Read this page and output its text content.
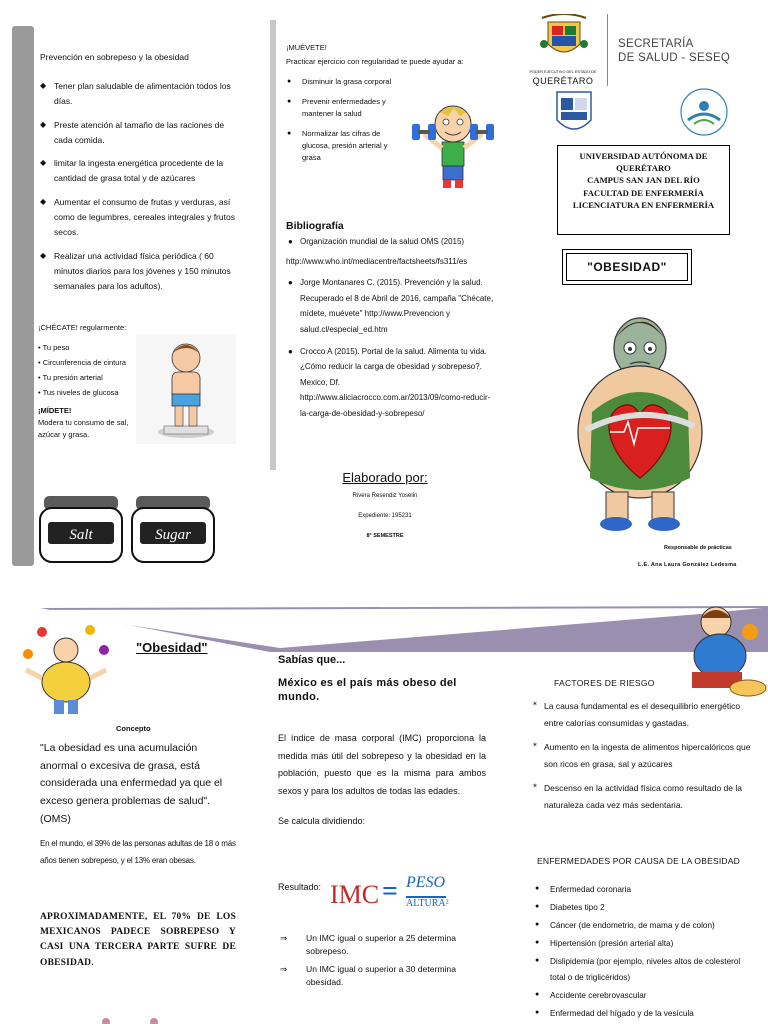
Prevención en sobrepeso y la obesidad
◆ Tener plan saludable de alimentación todos los días.
◆ Preste atención al tamaño de las raciones de cada comida.
◆ limitar la ingesta energética procedente de la cantidad de grasa total y de azúcares
◆ Aumentar el consumo de frutas y verduras, así como de legumbres, cereales integrales y frutos secos.
◆ Realizar una actividad física periódica ( 60 minutos diarios para los jóvenes y 150 minutos semanales para los adultos).
¡CHÉCATE! regularmente:
• Tu peso
• Circunferencia de cintura
• Tu presión arterial
• Tus niveles de glucosa
¡MÍDETE!
Modera tu consumo de sal, azúcar y grasa.
Salt	Sugar
¡MUÉVETE!
Practicar ejercicio con regularidad te puede ayudar a:
● Disminuir la grasa corporal
● Prevenir enfermedades y mantener la salud
● Normalizar las cifras de glucosa, presión arterial y grasa
Bibliografía
● Organización mundial de la salud OMS (2015)
http://www.who.int/mediacentre/factsheets/fs311/es
● Jorge Montanares C. (2015). Prevención y la salud. Recuperado el 8 de Abril de 2016, campaña "Chécate, mídete, muévete" http://www.Prevencion y salud.cl/especial_ed.htm
● Crocco A (2015). Portal de la salud. Alimenta tu vida. ¿Cómo reducir la carga de obesidad y sobrepeso?. Mexico, Df. http://www.aliciacrocco.com.ar/2013/09/como-reducir-la-carga-de-obesidad-y-sobrepeso/
Elaborado por:
Rivera Resendiz Yoselin
Expediente: 195231
8° SEMESTRE
PODER EJECUTIVO DEL ESTADO DE
QUERÉTARO
SECRETARÍA
DE SALUD - SESEQ
UNIVERSIDAD AUTÓNOMA DE QUERÉTARO
CAMPUS SAN JAN DEL RÍO
FACULTAD DE ENFERMERÍA
LICENCIATURA EN ENFERMERÍA
"OBESIDAD"
Responsable de prácticas
L.E. Ana Laura González Ledesma
"Obesidad"
Concepto
"La obesidad es una acumulación anormal o excesiva de grasa, está considerada una enfermedad ya que el exceso genera problemas de salud". (OMS)
En el mundo, el 39% de las personas adultas de 18 o más años tienen sobrepeso, y el 13% eran obesas.
APROXIMADAMENTE, EL 70% DE LOS MEXICANOS PADECE SOBREPESO Y CASI UNA TERCERA PARTE SUFRE DE OBESIDAD.
Sabías que...
México es el país más obeso del mundo.
El índice de masa corporal (IMC) proporciona la medida más útil del sobrepeso y la obesidad en la población, puesto que es la misma para ambos sexos y para los adultos de todas las edades.
Se calcula dividiendo:
Resultado: IMC = PESO
ALTURA²
⇒ Un IMC igual o superior a 25 determina sobrepeso.
⇒ Un IMC igual o superior a 30 determina obesidad.
FACTORES DE RIESGO
✶ La causa fundamental es el desequilibrio energético entre calorías consumidas y gastadas.
✶ Aumento en la ingesta de alimentos hipercalóricos que son ricos en grasa, sal y azúcares
✶ Descenso en la actividad física como resultado de la naturaleza cada vez más sedentaria.
ENFERMEDADES POR CAUSA DE LA OBESIDAD
● Enfermedad coronaria
● Diabetes tipo 2
● Cáncer (de endometrio, de mama y de colon)
● Hipertensión (presión arterial alta)
● Dislipidemia (por ejemplo, niveles altos de colesterol total o de triglicéridos)
● Accidente cerebrovascular
● Enfermedad del hígado y de la vesícula
